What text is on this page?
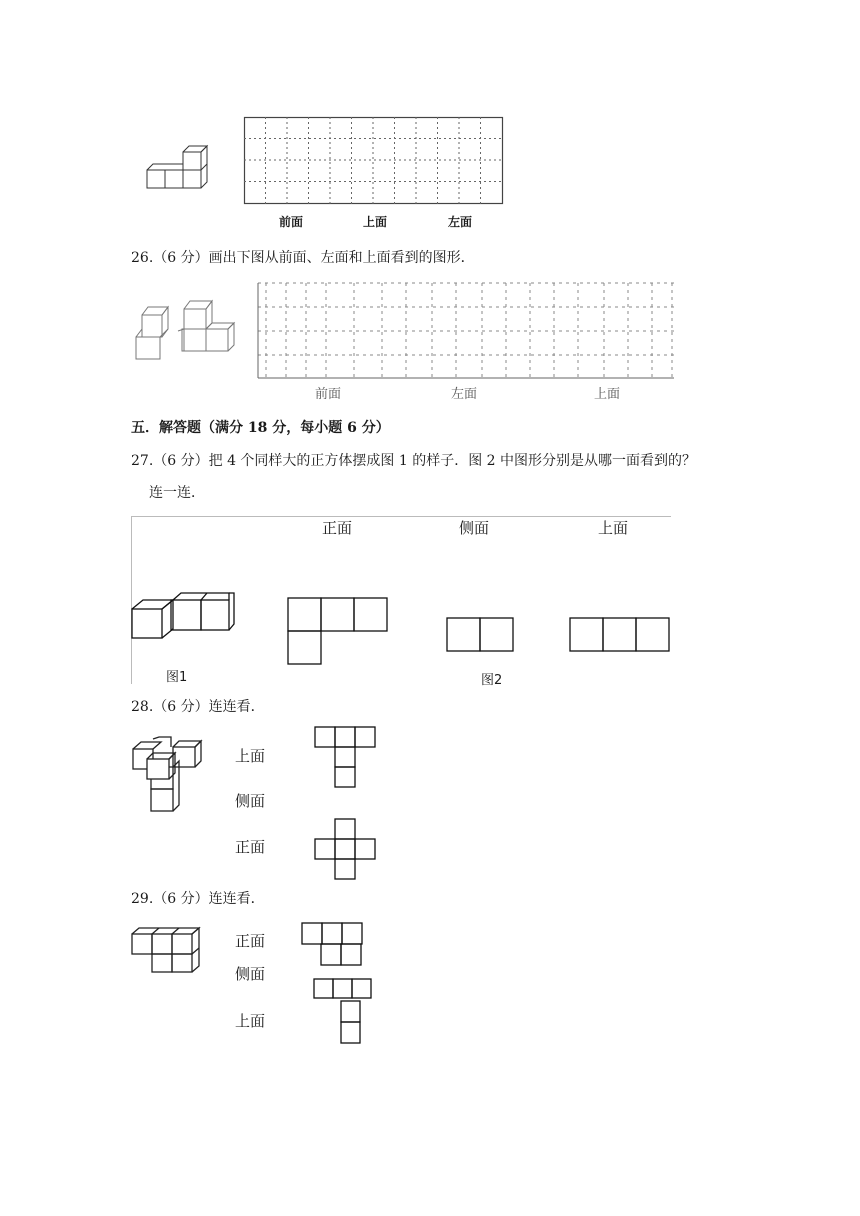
前面	上面	左面
26.（6 分）画出下图从前面、左面和上面看到的图形．
前面	左面	上面
五．解答题（满分 18 分，每小题 6 分）
27.（6 分）把 4 个同样大的正方体摆成图 1 的样子．图 2 中图形分别是从哪一面看到的？
连一连．
正面	侧面	上面
图1	图2
28.（6 分）连连看．
上面
侧面
正面
29.（6 分）连连看．
正面
侧面
上面
